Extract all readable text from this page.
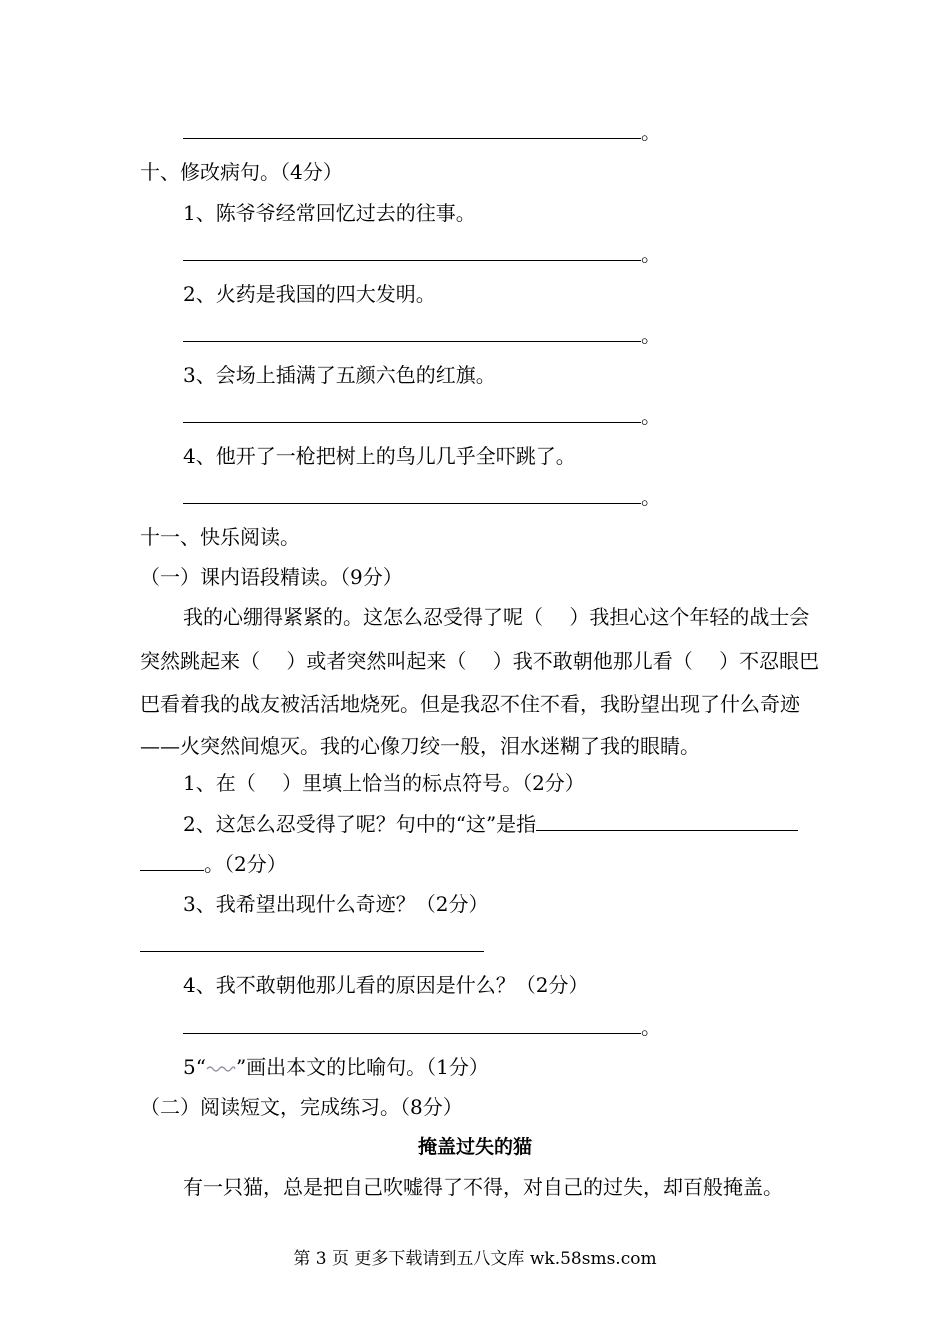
。
十、修改病句。（4分）
1、陈爷爷经常回忆过去的往事。
。
2、火药是我国的四大发明。
。
3、会场上插满了五颜六色的红旗。
。
4、他开了一枪把树上的鸟儿几乎全吓跳了。
。
十一、快乐阅读。
（一）课内语段精读。（9分）
我的心绷得紧紧的。这怎么忍受得了呢（　 ）我担心这个年轻的战士会
突然跳起来（　 ）或者突然叫起来（　 ）我不敢朝他那儿看（　 ）不忍眼巴
巴看着我的战友被活活地烧死。但是我忍不住不看，我盼望出现了什么奇迹
——火突然间熄灭。我的心像刀绞一般，泪水迷糊了我的眼睛。
1、在（　 ）里填上恰当的标点符号。（2分）
2、这怎么忍受得了呢？句中的“这”是指
。（2分）
3、我希望出现什么奇迹？（2分）
4、我不敢朝他那儿看的原因是什么？（2分）
。
5“ ”画出本文的比喻句。（1分）
（二）阅读短文，完成练习。（8分）
掩盖过失的猫
有一只猫，总是把自己吹嘘得了不得，对自己的过失，却百般掩盖。
第 3 页 更多下载请到五八文库 wk.58sms.com
